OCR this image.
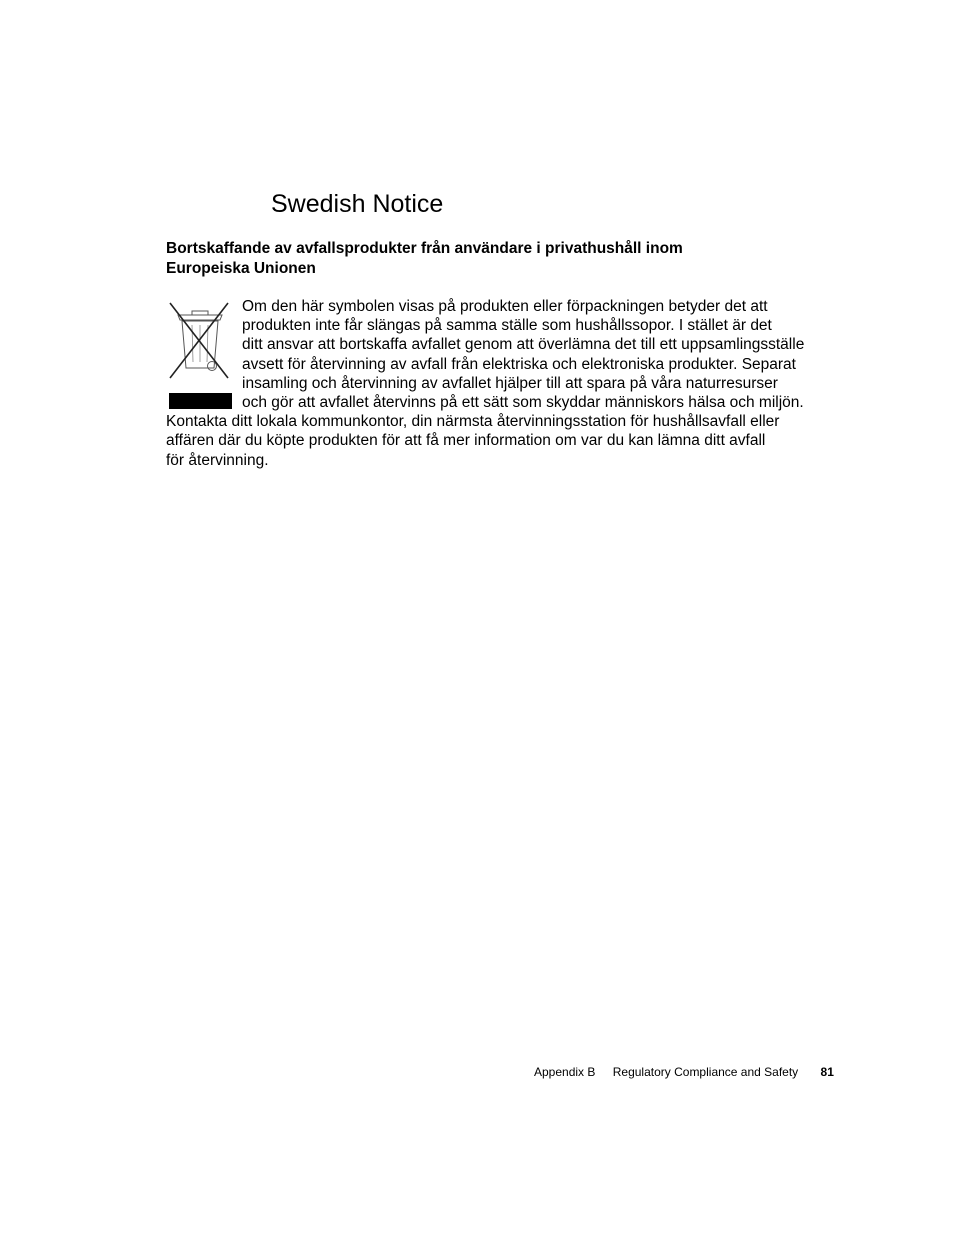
Swedish Notice
Bortskaffande av avfallsprodukter från användare i privathushåll inom
Europeiska Unionen
Om den här symbolen visas på produkten eller förpackningen betyder det att
produkten inte får slängas på samma ställe som hushållssopor. I stället är det
ditt ansvar att bortskaffa avfallet genom att överlämna det till ett uppsamlingsställe
avsett för återvinning av avfall från elektriska och elektroniska produkter. Separat
insamling och återvinning av avfallet hjälper till att spara på våra naturresurser
och gör att avfallet återvinns på ett sätt som skyddar människors hälsa och miljön.
Kontakta ditt lokala kommunkontor, din närmsta återvinningsstation för hushållsavfall eller
affären där du köpte produkten för att få mer information om var du kan lämna ditt avfall
för återvinning.
Appendix B Regulatory Compliance and Safety 81
